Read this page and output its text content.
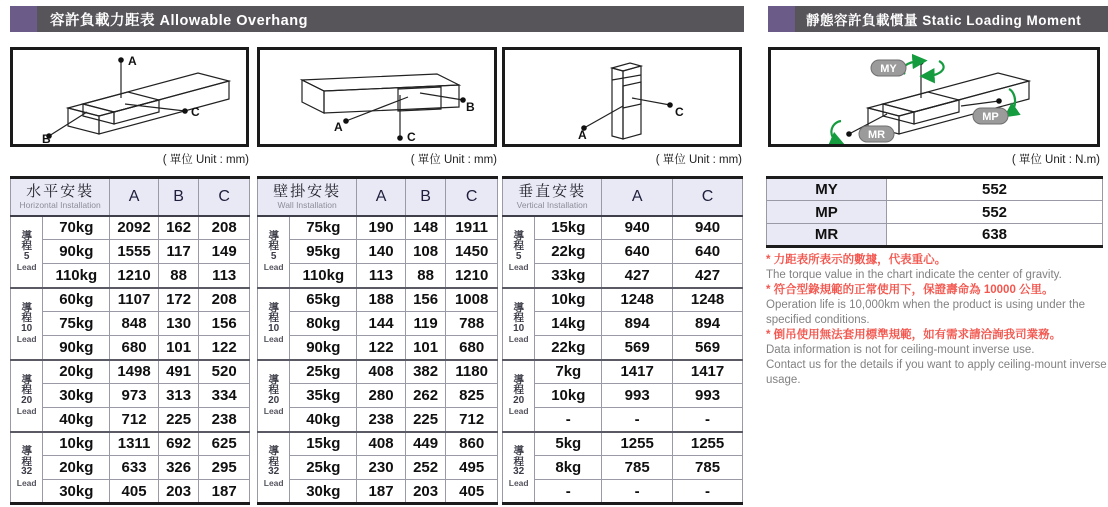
容許負載力距表 Allowable Overhang	靜態容許負載慣量 Static Loading Moment
A
B
C
A
B
C	A
C
MY
MP
MR
( 單位 Unit : mm)	( 單位 Unit : mm)	( 單位 Unit : mm)	( 單位 Unit : N.m)
水平安裝
Horizontal Installation		A	B	C

導
程
5
Lead	70kg	2092	162	208
	90kg	1555	117	149
	110kg	1210	88	113

導
程
10
Lead	60kg	1107	172	208
	75kg	848	130	156
	90kg	680	101	122

導
程
20
Lead	20kg	1498	491	520
	30kg	973	313	334
	40kg	712	225	238

導
程
32
Lead	10kg	1311	692	625
	20kg	633	326	295
	30kg	405	203	187
壁掛安裝
Wall Installation		A	B	C

導
程
5
Lead	75kg	190	148	1911
	95kg	140	108	1450
	110kg	113	88	1210

導
程
10
Lead	65kg	188	156	1008
	80kg	144	119	788
	90kg	122	101	680

導
程
20
Lead	25kg	408	382	1180
	35kg	280	262	825
	40kg	238	225	712

導
程
32
Lead	15kg	408	449	860
	25kg	230	252	495
	30kg	187	203	405
垂直安裝
Vertical Installation		A	C

導
程
5
Lead	15kg	940	940
	22kg	640	640
	33kg	427	427

導
程
10
Lead	10kg	1248	1248
	14kg	894	894
	22kg	569	569

導
程
20
Lead	7kg	1417	1417
	10kg	993	993
	-	-	-

導
程
32
Lead	5kg	1255	1255
	8kg	785	785
	-	-	-
MY	552
MP	552
MR	638
* 力距表所表示的數據，代表重心。
The torque value in the chart indicate the center of gravity.
* 符合型錄規範的正常使用下，保證壽命為 10000 公里。
Operation life is 10,000km when the product is using under the specified conditions.
* 倒吊使用無法套用標準規範，如有需求請洽詢我司業務。
Data information is not for ceiling-mount inverse use.
Contact us for the details if you want to apply ceiling-mount inverse usage.
